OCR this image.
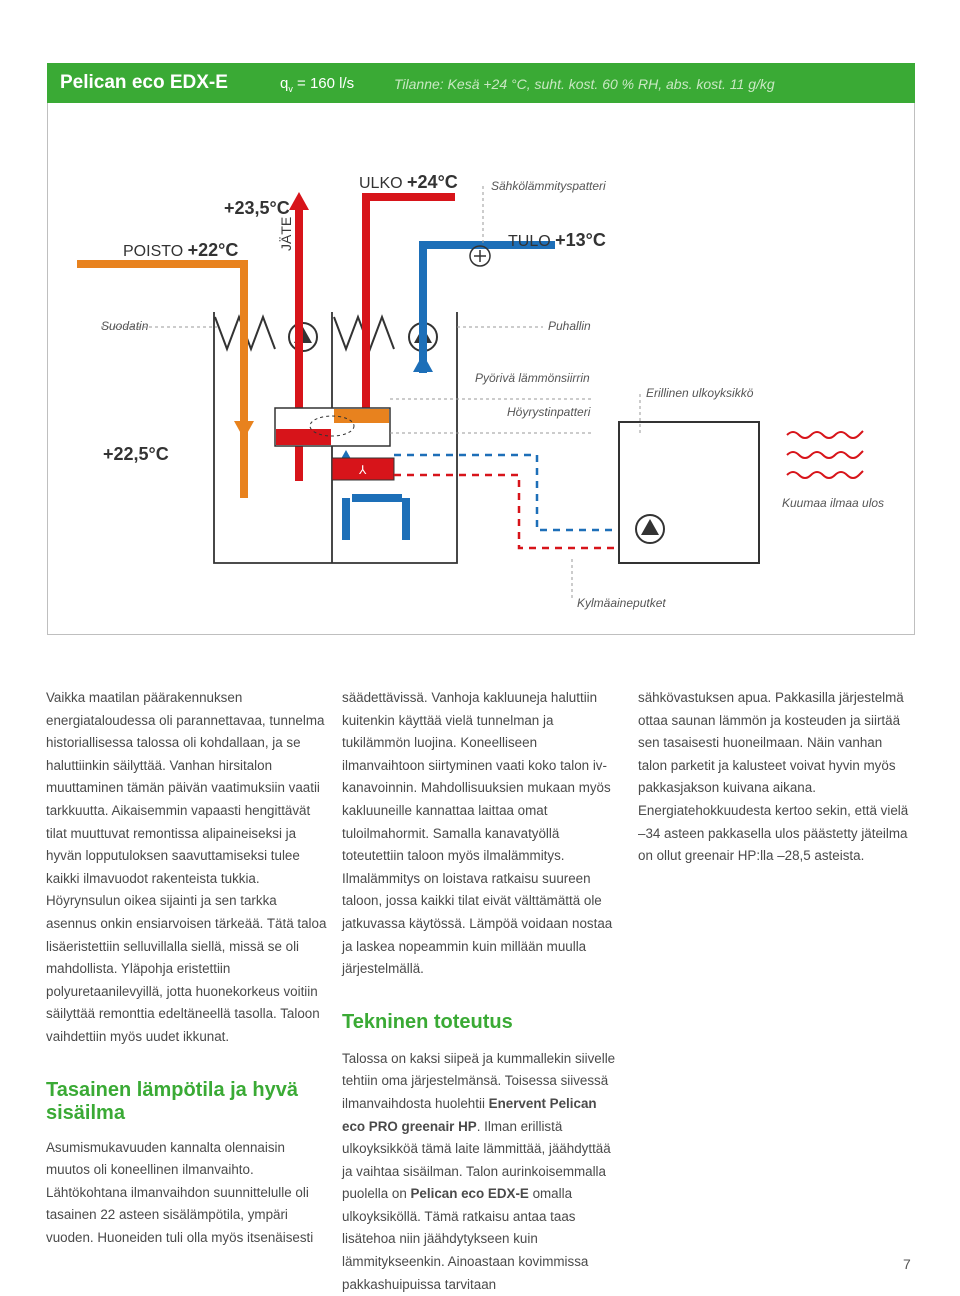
Pelican eco EDX-E	$q_v = 160$ l/s	Tilanne: Kesä +24 °C, suht. kost. 60 % RH, abs. kost. 11 g/kg
⅄
POISTO +22°C
+23,5°C
JÄTE
ULKO +24°C
TULO +13°C
Sähkölämmityspatteri
Suodatin	Puhallin
Pyörivä lämmönsiirrin
Höyrystinpatteri
Erillinen ulkoyksikkö
+22,5°C
Kuumaa ilmaa ulos
Kylmäaineputket

Vaikka maatilan päärakennuksen energiataloudessa oli parannettavaa, tunnelma historiallisessa talossa oli kohdallaan, ja se haluttiinkin säilyttää. Vanhan hirsitalon muuttaminen tämän päivän vaatimuksiin vaatii tarkkuutta. Aikaisemmin vapaasti hengittävät tilat muuttuvat remontissa alipaineiseksi ja hyvän lopputuloksen saavuttamiseksi tulee kaikki ilmavuodot rakenteista tukkia. Höyrynsulun oikea sijainti ja sen tarkka asennus onkin ensiarvoisen tärkeää. Tätä taloa lisäeristettiin selluvillalla siellä, missä se oli mahdollista. Yläpohja eristettiin polyuretaanilevyillä, jotta huonekorkeus voitiin säilyttää remonttia edeltäneellä tasolla. Taloon vaihdettiin myös uudet ikkunat.

Tasainen lämpötila ja hyvä sisäilma

Asumismukavuuden kannalta olennaisin muutos oli koneellinen ilmanvaihto. Lähtökohtana ilmanvaihdon suunnittelulle oli tasainen 22 asteen sisälämpötila, ympäri vuoden. Huoneiden tuli olla myös itsenäisesti

säädettävissä. Vanhoja kakluuneja haluttiin kuitenkin käyttää vielä tunnelman ja tukilämmön luojina. Koneelliseen ilmanvaihtoon siirtyminen vaati koko talon iv-kanavoinnin. Mahdollisuuksien mukaan myös kakluuneille kannattaa laittaa omat tuloilmahormit. Samalla kanavatyöllä toteutettiin taloon myös ilmalämmitys. Ilmalämmitys on loistava ratkaisu suureen taloon, jossa kaikki tilat eivät välttämättä ole jatkuvassa käytössä. Lämpöä voidaan nostaa ja laskea nopeammin kuin millään muulla järjestelmällä.

Tekninen toteutus

Talossa on kaksi siipeä ja kummallekin siivelle tehtiin oma järjestelmänsä. Toisessa siivessä ilmanvaihdosta huolehtii Enervent Pelican eco PRO greenair HP. Ilman erillistä ulkoyksikköä tämä laite lämmittää, jäähdyttää ja vaihtaa sisäilman. Talon aurinkoisemmalla puolella on Pelican eco EDX-E omalla ulkoyksiköllä. Tämä ratkaisu antaa taas lisätehoa niin jäähdytykseen kuin lämmitykseenkin. Ainoastaan kovimmissa pakkashuipuissa tarvitaan

sähkövastuksen apua. Pakkasilla järjestelmä ottaa saunan lämmön ja kosteuden ja siirtää sen tasaisesti huoneilmaan. Näin vanhan talon parketit ja kalusteet voivat hyvin myös pakkasjakson kuivana aikana. Energiatehokkuudesta kertoo sekin, että vielä –34 asteen pakkasella ulos päästetty jäteilma on ollut greenair HP:lla –28,5 asteista.

7
